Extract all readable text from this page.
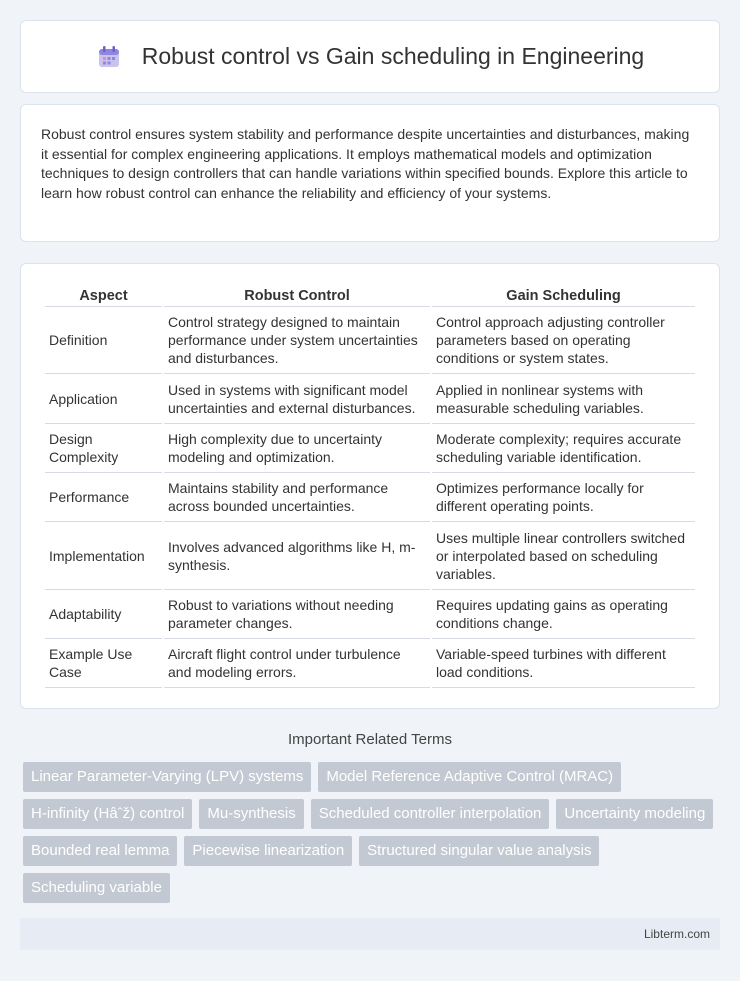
Robust control vs Gain scheduling in Engineering

Robust control ensures system stability and performance despite uncertainties and disturbances, making it essential for complex engineering applications. It employs mathematical models and optimization techniques to design controllers that can handle variations within specified bounds. Explore this article to learn how robust control can enhance the reliability and efficiency of your systems.

Aspect	Robust Control	Gain Scheduling
Definition	Control strategy designed to maintain performance under system uncertainties and disturbances.	Control approach adjusting controller parameters based on operating conditions or system states.
Application	Used in systems with significant model uncertainties and external disturbances.	Applied in nonlinear systems with measurable scheduling variables.
Design Complexity	High complexity due to uncertainty modeling and optimization.	Moderate complexity; requires accurate scheduling variable identification.
Performance	Maintains stability and performance across bounded uncertainties.	Optimizes performance locally for different operating points.
Implementation	Involves advanced algorithms like H, m-synthesis.	Uses multiple linear controllers switched or interpolated based on scheduling variables.
Adaptability	Robust to variations without needing parameter changes.	Requires updating gains as operating conditions change.
Example Use Case	Aircraft flight control under turbulence and modeling errors.	Variable-speed turbines with different load conditions.
Important Related Terms
Linear Parameter-Varying (LPV) systems	Model Reference Adaptive Control (MRAC)
H-infinity (Hâˆž) control	Mu-synthesis	Scheduled controller interpolation	Uncertainty modeling
Bounded real lemma	Piecewise linearization	Structured singular value analysis
Scheduling variable
Libterm.com
